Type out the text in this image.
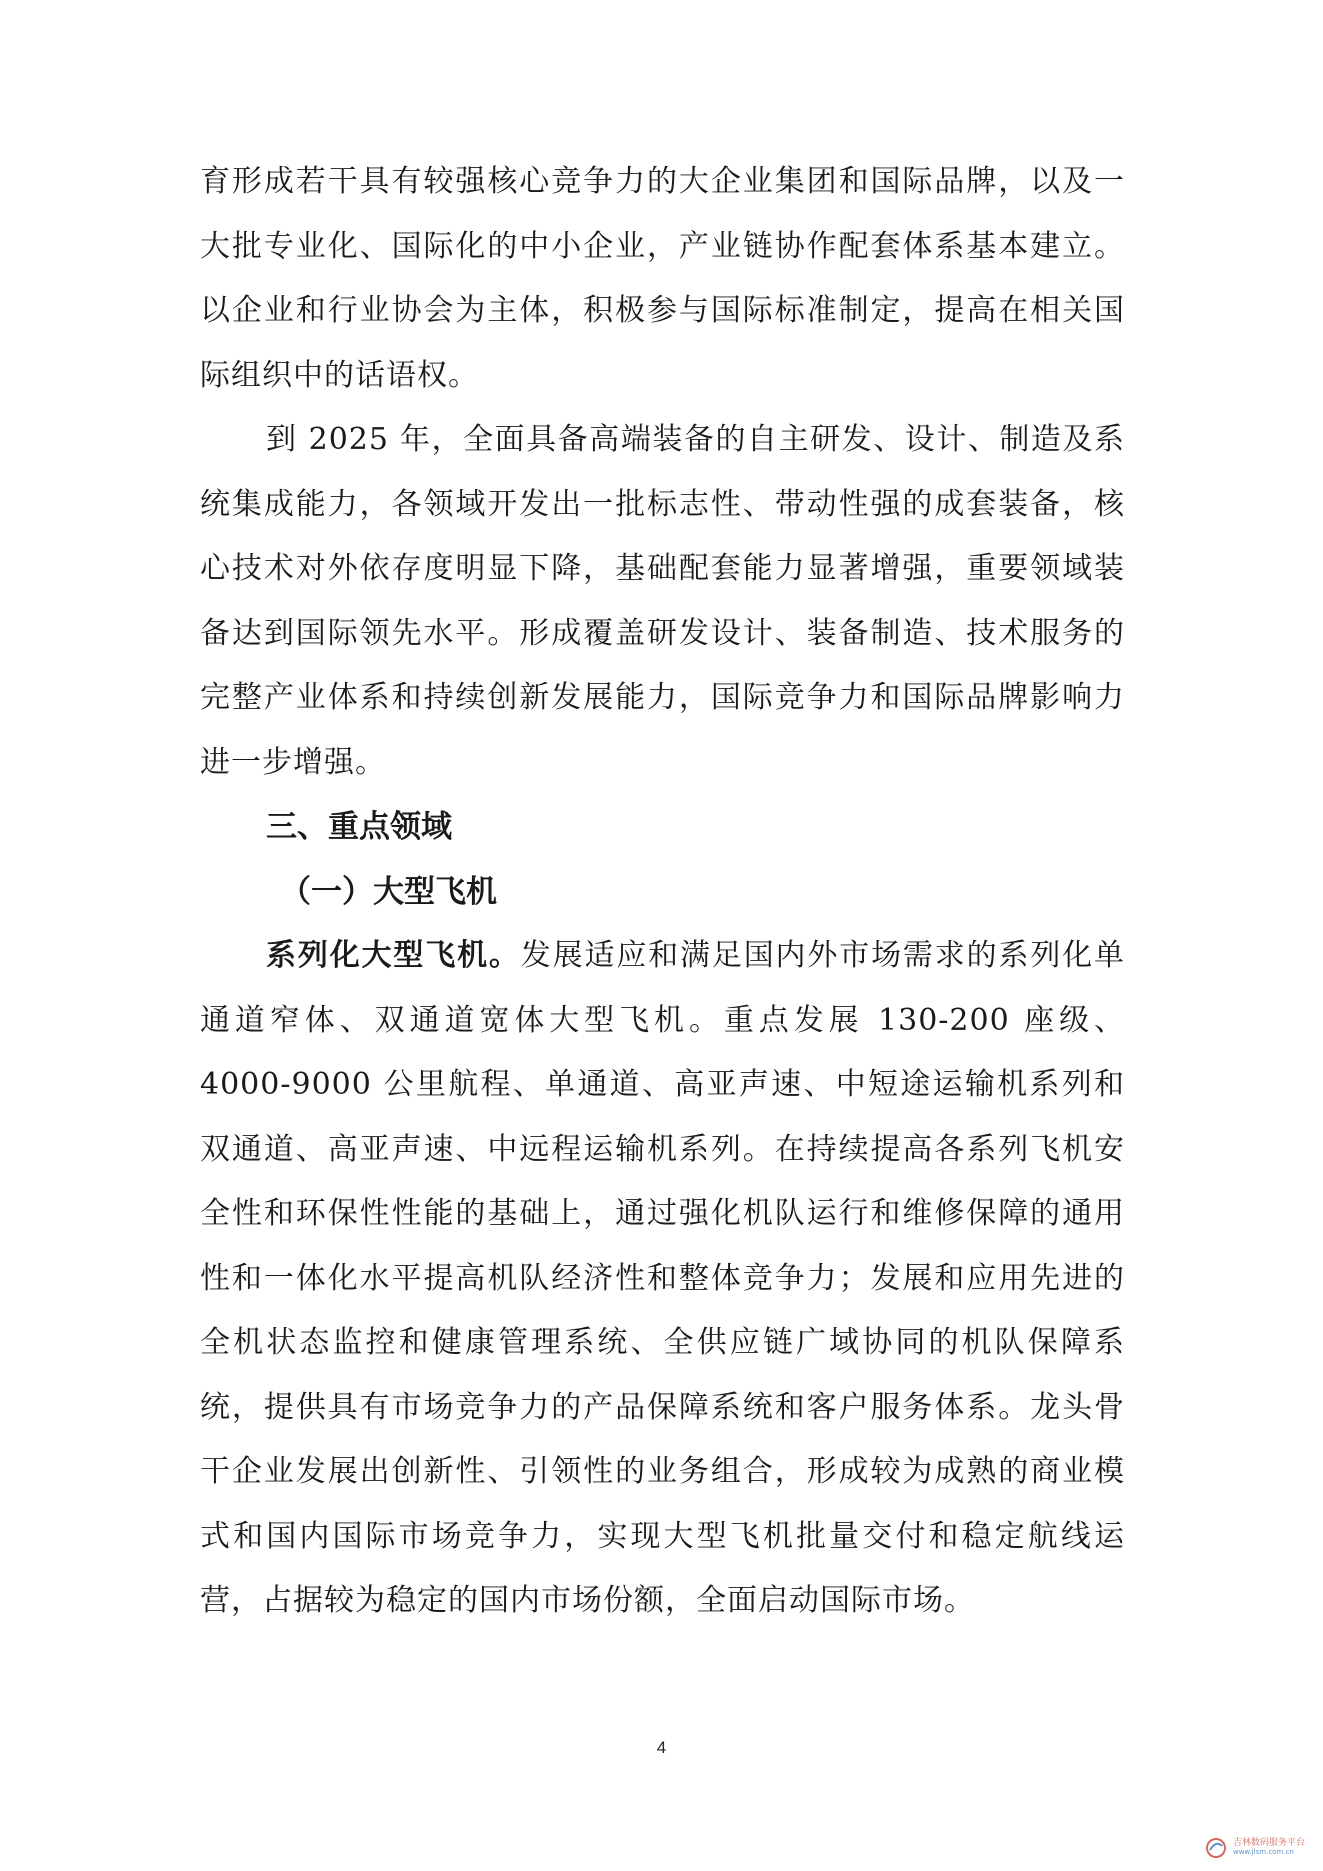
育形成若干具有较强核心竞争力的大企业集团和国际品牌，以及一大批专业化、国际化的中小企业，产业链协作配套体系基本建立。以企业和行业协会为主体，积极参与国际标准制定，提高在相关国际组织中的话语权。

到 2025 年，全面具备高端装备的自主研发、设计、制造及系统集成能力，各领域开发出一批标志性、带动性强的成套装备，核心技术对外依存度明显下降，基础配套能力显著增强，重要领域装备达到国际领先水平。形成覆盖研发设计、装备制造、技术服务的完整产业体系和持续创新发展能力，国际竞争力和国际品牌影响力进一步增强。

三、重点领域
（一）大型飞机

系列化大型飞机。发展适应和满足国内外市场需求的系列化单通道窄体、双通道宽体大型飞机。重点发展 130-200 座级、4000-9000 公里航程、单通道、高亚声速、中短途运输机系列和双通道、高亚声速、中远程运输机系列。在持续提高各系列飞机安全性和环保性性能的基础上，通过强化机队运行和维修保障的通用性和一体化水平提高机队经济性和整体竞争力；发展和应用先进的全机状态监控和健康管理系统、全供应链广域协同的机队保障系统，提供具有市场竞争力的产品保障系统和客户服务体系。龙头骨干企业发展出创新性、引领性的业务组合，形成较为成熟的商业模式和国内国际市场竞争力，实现大型飞机批量交付和稳定航线运营，占据较为稳定的国内市场份额，全面启动国际市场。

4
吉林数码服务平台
www.jlsm.com.cn
